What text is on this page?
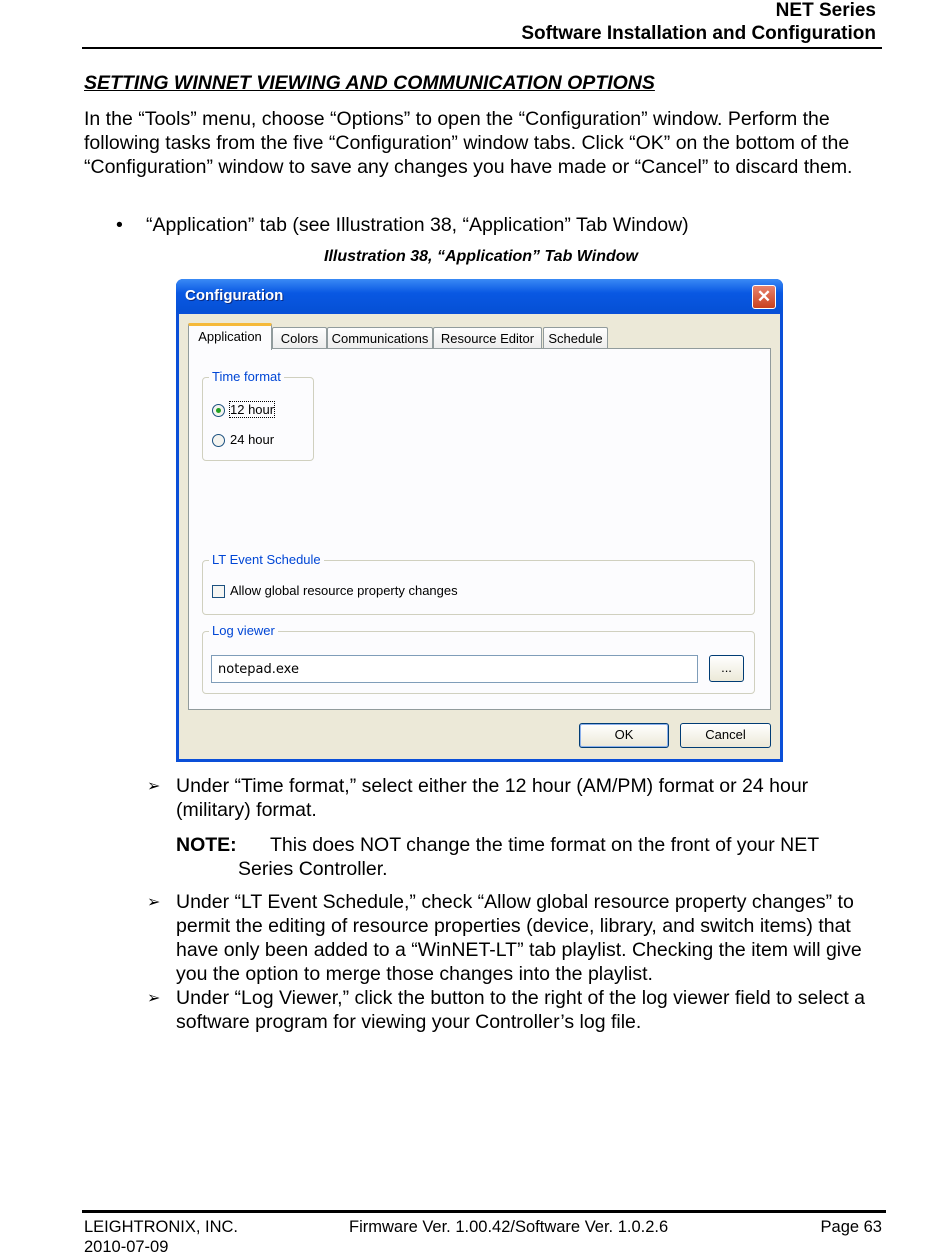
NET Series
Software Installation and Configuration
SETTING WINNET VIEWING AND COMMUNICATION OPTIONS
In the “Tools” menu, choose “Options” to open the “Configuration” window. Perform the following tasks from the five “Configuration” window tabs. Click “OK” on the bottom of the “Configuration” window to save any changes you have made or “Cancel” to discard them.
• “Application” tab (see Illustration 38, “Application” Tab Window)
Illustration 38, “Application” Tab Window
Configuration	✕
Application	Colors	Communications Resource Editor	Schedule
Time format
12 hour
24 hour
LT Event Schedule
Allow global resource property changes
Log viewer
notepad.exe
...
OK	Cancel
➢ Under “Time format,” select either the 12 hour (AM/PM) format or 24 hour (military) format.
NOTE: This does NOT change the time format on the front of your NET
Series Controller.
➢ Under “LT Event Schedule,” check “Allow global resource property changes” to permit the editing of resource properties (device, library, and switch items) that have only been added to a “WinNET-LT” tab playlist. Checking the item will give you the option to merge those changes into the playlist.
➢ Under “Log Viewer,” click the button to the right of the log viewer field to select a software program for viewing your Controller’s log file.
LEIGHTRONIX, INC.
2010-07-09
Firmware Ver. 1.00.42/Software Ver. 1.0.2.6	Page 63
